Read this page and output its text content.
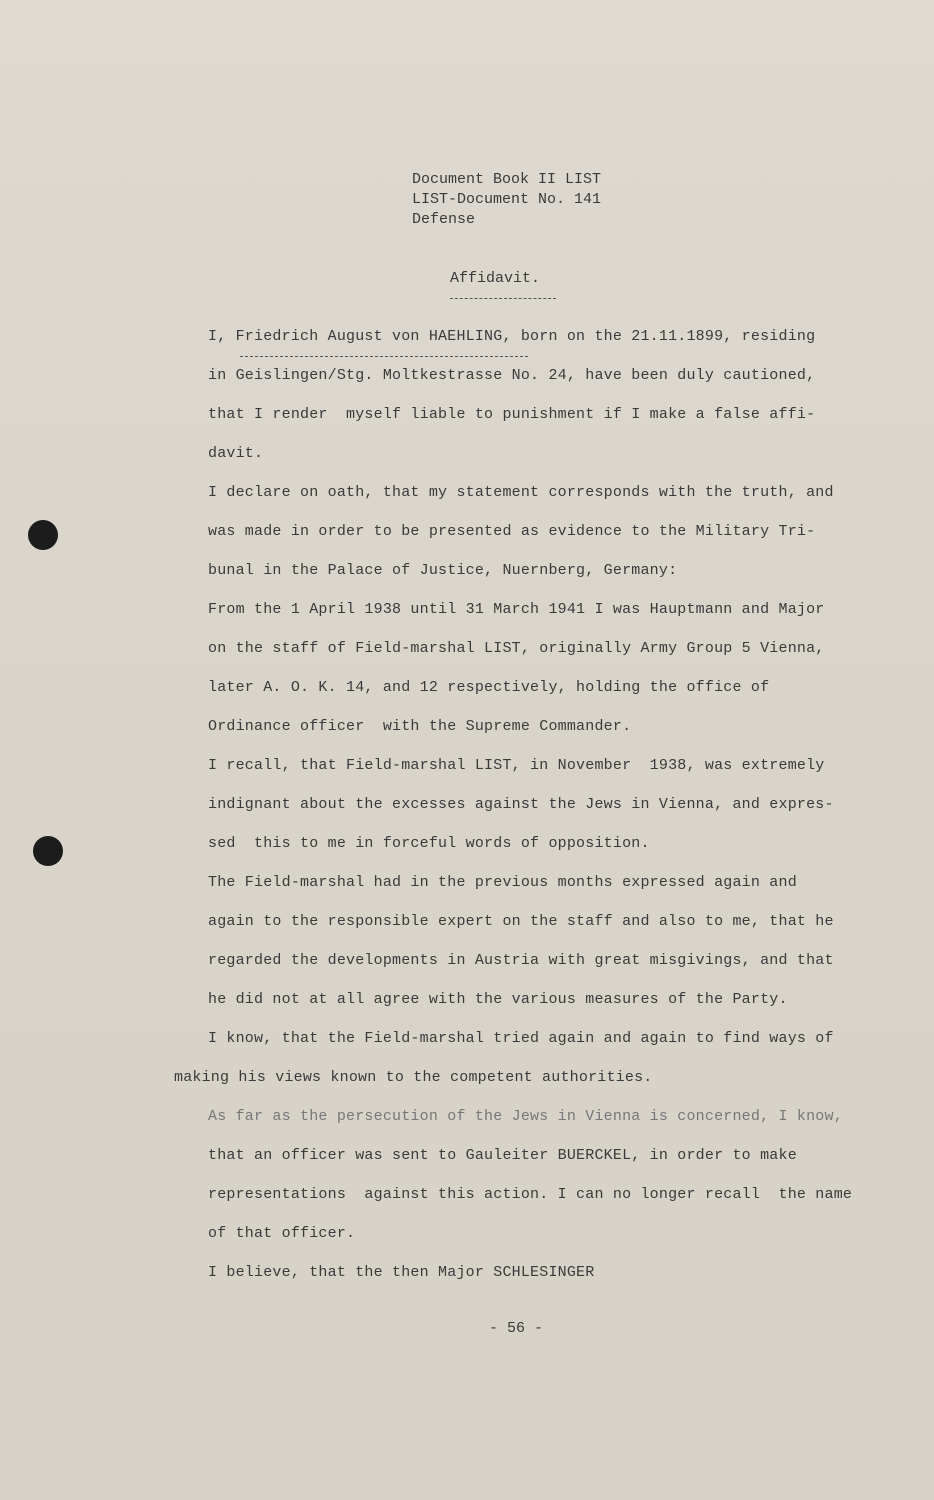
Document Book II LIST
LIST-Document No. 141
Defense
Affidavit.
I, Friedrich August von HAEHLING, born on the 21.11.1899, residing
in Geislingen/Stg. Moltkestrasse No. 24, have been duly cautioned,
that I render  myself liable to punishment if I make a false affi-
davit.
I declare on oath, that my statement corresponds with the truth, and
was made in order to be presented as evidence to the Military Tri-
bunal in the Palace of Justice, Nuernberg, Germany:
From the 1 April 1938 until 31 March 1941 I was Hauptmann and Major
on the staff of Field-marshal LIST, originally Army Group 5 Vienna,
later A. O. K. 14, and 12 respectively, holding the office of
Ordinance officer  with the Supreme Commander.
I recall, that Field-marshal LIST, in November  1938, was extremely
indignant about the excesses against the Jews in Vienna, and expres-
sed  this to me in forceful words of opposition.
The Field-marshal had in the previous months expressed again and
again to the responsible expert on the staff and also to me, that he
regarded the developments in Austria with great misgivings, and that
he did not at all agree with the various measures of the Party.
I know, that the Field-marshal tried again and again to find ways of
making his views known to the competent authorities.
As far as the persecution of the Jews in Vienna is concerned, I know,
that an officer was sent to Gauleiter BUERCKEL, in order to make
representations  against this action. I can no longer recall  the name
of that officer.
I believe, that the then Major SCHLESINGER
- 56 -
